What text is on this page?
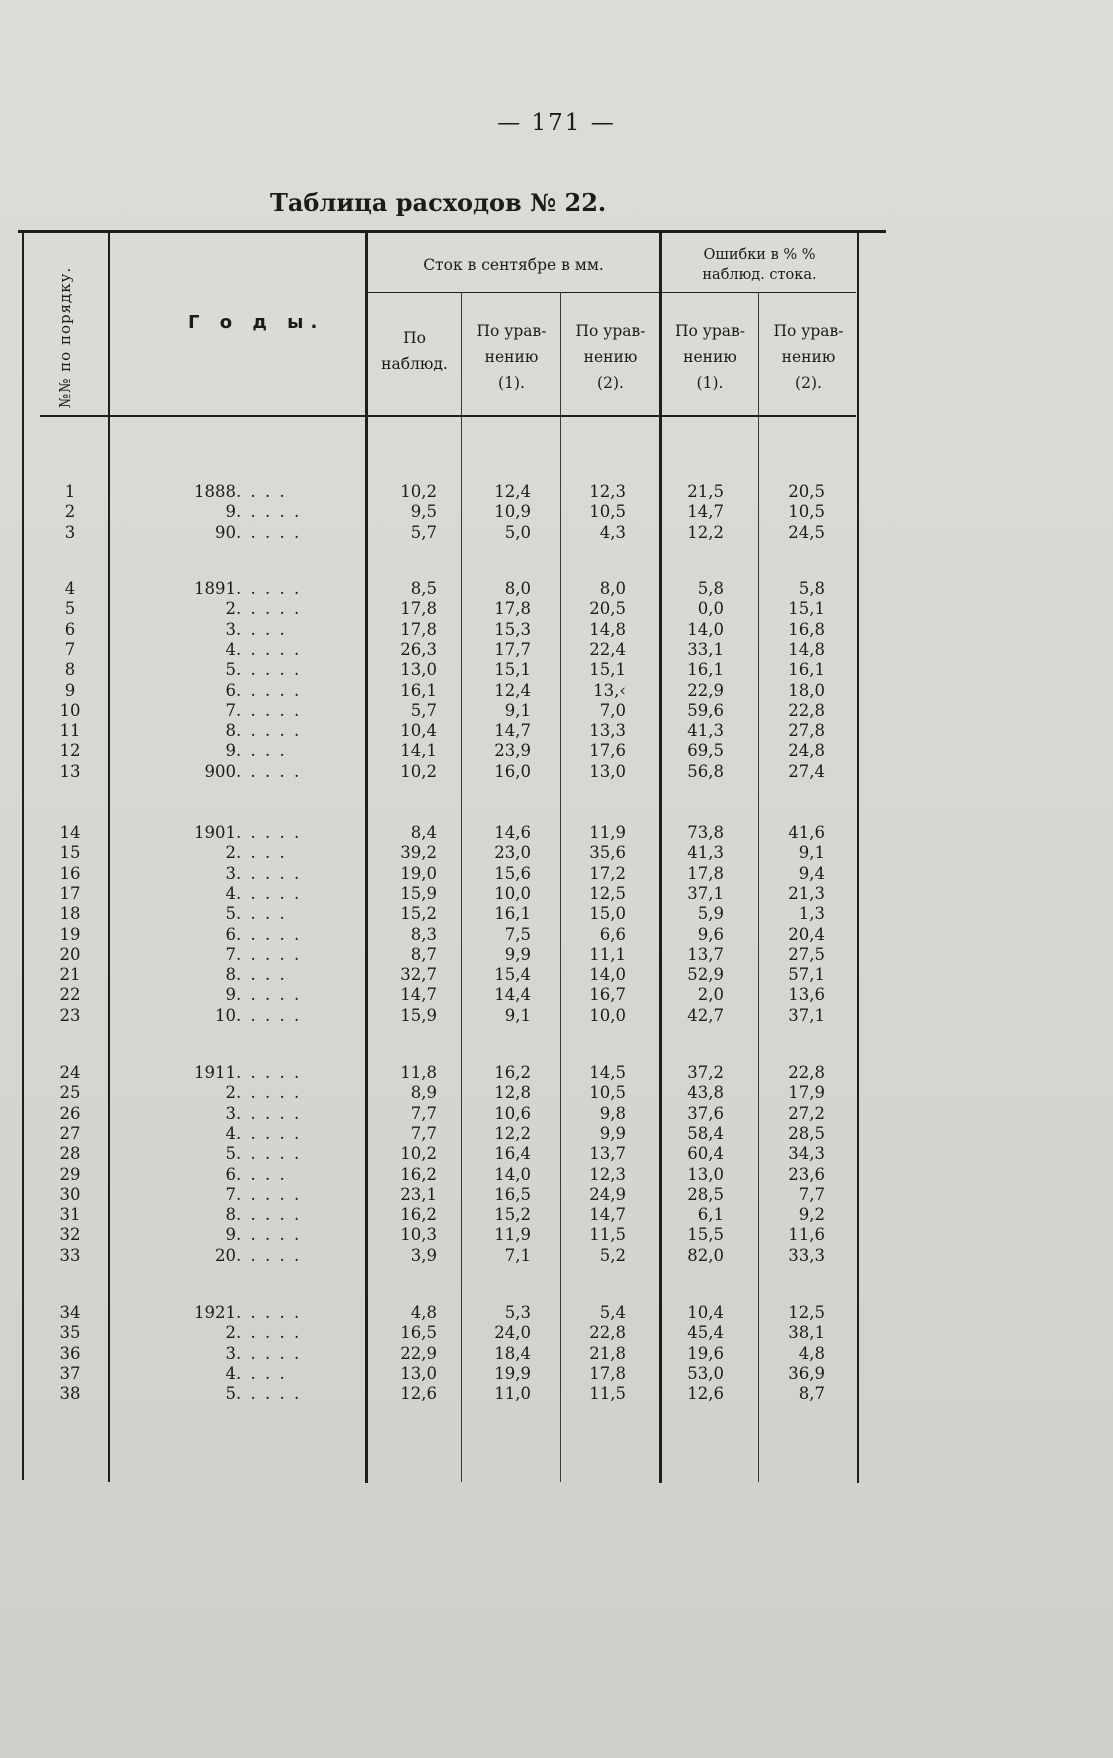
— 171 —
Таблица расходов № 22.
№№ по порядку.	Г о д ы.
Сток в сентябре в мм.
Ошибки в % %
наблюд. стока.
По
наблюд.
По урав-
нению
(1).
По урав-
нению
(2).
По урав-
нению
(1).
По урав-
нению
(2).
1	1888 . . . .	10,2	12,4	12,3	21,5	20,5
2	9 . . . . .	9,5	10,9	10,5	14,7	10,5
3	90 . . . . .	5,7	5,0	4,3	12,2	24,5
4	1891 . . . . .	8,5	8,0	8,0	5,8	5,8
5	2 . . . . .	17,8	17,8	20,5	0,0	15,1
6	3 . . . .	17,8	15,3	14,8	14,0	16,8
7	4 . . . . .	26,3	17,7	22,4	33,1	14,8
8	5 . . . . .	13,0	15,1	15,1	16,1	16,1
9	6 . . . . .	16,1	12,4	13,‹	22,9	18,0
10	7 . . . . .	5,7	9,1	7,0	59,6	22,8
11	8 . . . . .	10,4	14,7	13,3	41,3	27,8
12	9 . . . .	14,1	23,9	17,6	69,5	24,8
13	900 . . . . .	10,2	16,0	13,0	56,8	27,4
14	1901 . . . . .	8,4	14,6	11,9	73,8	41,6
15	2 . . . .	39,2	23,0	35,6	41,3	9,1
16	3 . . . . .	19,0	15,6	17,2	17,8	9,4
17	4 . . . . .	15,9	10,0	12,5	37,1	21,3
18	5 . . . .	15,2	16,1	15,0	5,9	1,3
19	6 . . . . .	8,3	7,5	6,6	9,6	20,4
20	7 . . . . .	8,7	9,9	11,1	13,7	27,5
21	8 . . . .	32,7	15,4	14,0	52,9	57,1
22	9 . . . . .	14,7	14,4	16,7	2,0	13,6
23	10 . . . . .	15,9	9,1	10,0	42,7	37,1
24	1911 . . . . .	11,8	16,2	14,5	37,2	22,8
25	2 . . . . .	8,9	12,8	10,5	43,8	17,9
26	3 . . . . .	7,7	10,6	9,8	37,6	27,2
27	4 . . . . .	7,7	12,2	9,9	58,4	28,5
28	5 . . . . .	10,2	16,4	13,7	60,4	34,3
29	6 . . . .	16,2	14,0	12,3	13,0	23,6
30	7 . . . . .	23,1	16,5	24,9	28,5	7,7
31	8 . . . . .	16,2	15,2	14,7	6,1	9,2
32	9 . . . . .	10,3	11,9	11,5	15,5	11,6
33	20 . . . . .	3,9	7,1	5,2	82,0	33,3
34	1921 . . . . .	4,8	5,3	5,4	10,4	12,5
35	2 . . . . .	16,5	24,0	22,8	45,4	38,1
36	3 . . . . .	22,9	18,4	21,8	19,6	4,8
37	4 . . . .	13,0	19,9	17,8	53,0	36,9
38	5 . . . . .	12,6	11,0	11,5	12,6	8,7
